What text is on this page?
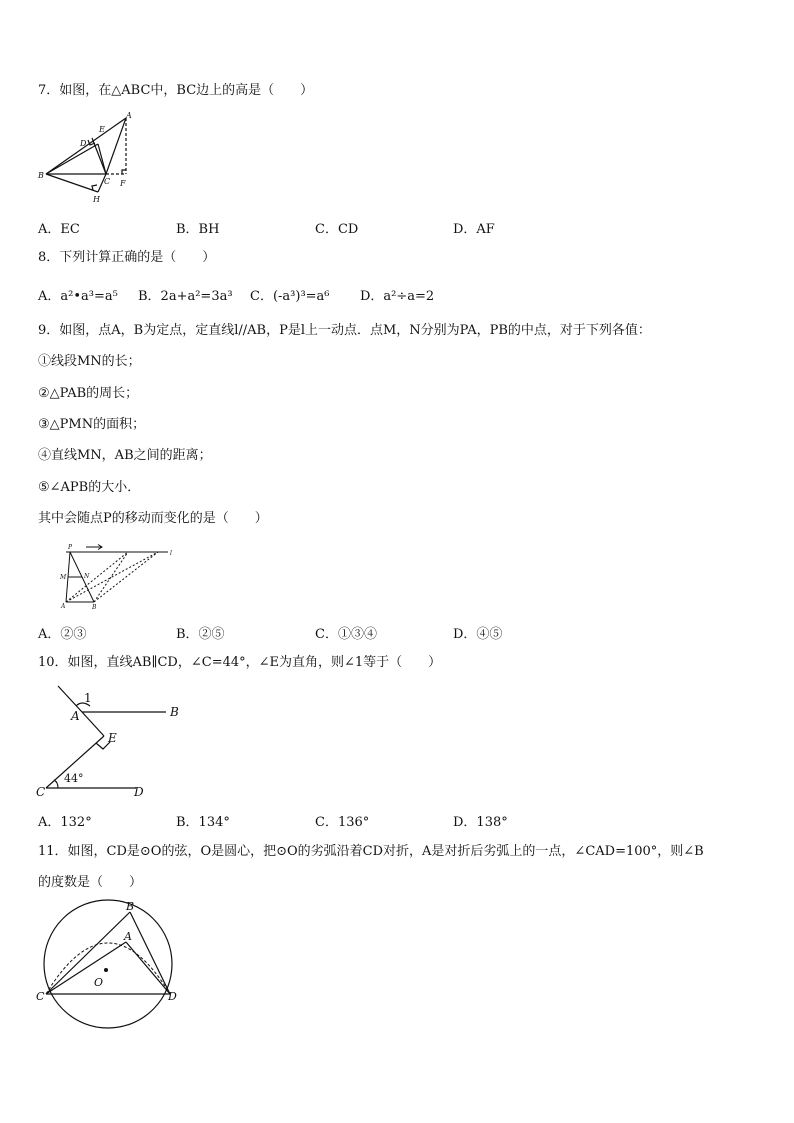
7．如图，在△ABC中，BC边上的高是（　　）
A
E
D
B
C F
H
A．EC	B．BH	C．CD	D．AF
8．下列计算正确的是（　　）
A．a²•a³=a⁵ B．2a+a²=3a³ C．(-a³)³=a⁶ D．a²÷a=2
9．如图，点A，B为定点，定直线l//AB，P是l上一动点．点M，N分别为PA，PB的中点，对于下列各值：
①线段MN的长；
②△PAB的周长；
③△PMN的面积；
④直线MN，AB之间的距离；
⑤∠APB的大小．
其中会随点P的移动而变化的是（　　）
P
M	N
A	B
l
A．②③	B．②⑤	C．①③④	D．④⑤
10．如图，直线AB∥CD，∠C=44°，∠E为直角，则∠1等于（　　）
1
A	B
E
44°
C	D
A．132°	B．134°	C．136°	D．138°
11．如图，CD是⊙O的弦，O是圆心，把⊙O的劣弧沿着CD对折，A是对折后劣弧上的一点，∠CAD=100°，则∠B
的度数是（　　）
B
A
O
C	D
